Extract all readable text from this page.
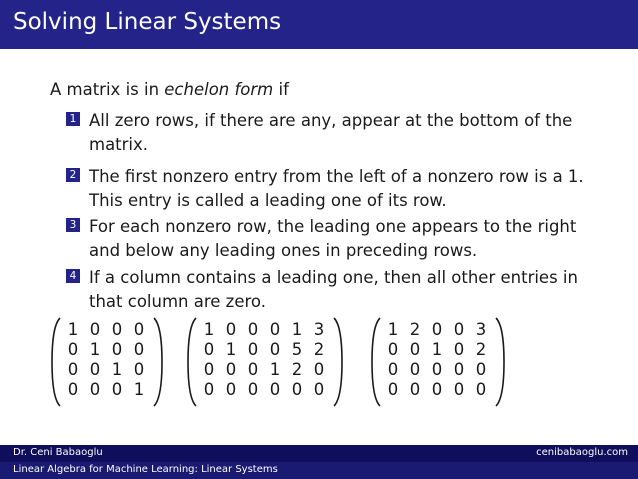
Solving Linear Systems
A matrix is in echelon form if
1 All zero rows, if there are any, appear at the bottom of the matrix.
2 The first nonzero entry from the left of a nonzero row is a 1. This entry is called a leading one of its row.
3 For each nonzero row, the leading one appears to the right and below any leading ones in preceding rows.
4 If a column contains a leading one, then all other entries in that column are zero.
1 0 0 0
0 1 0 0
0 0 1 0
0 0 0 1
1 0 0 0 1 3
0 1 0 0 5 2
0 0 0 1 2 0
0 0 0 0 0 0
1 2 0 0 3
0 0 1 0 2
0 0 0 0 0
0 0 0 0 0
Dr. Ceni Babaoglu	cenibabaoglu.com
Linear Algebra for Machine Learning: Linear Systems
